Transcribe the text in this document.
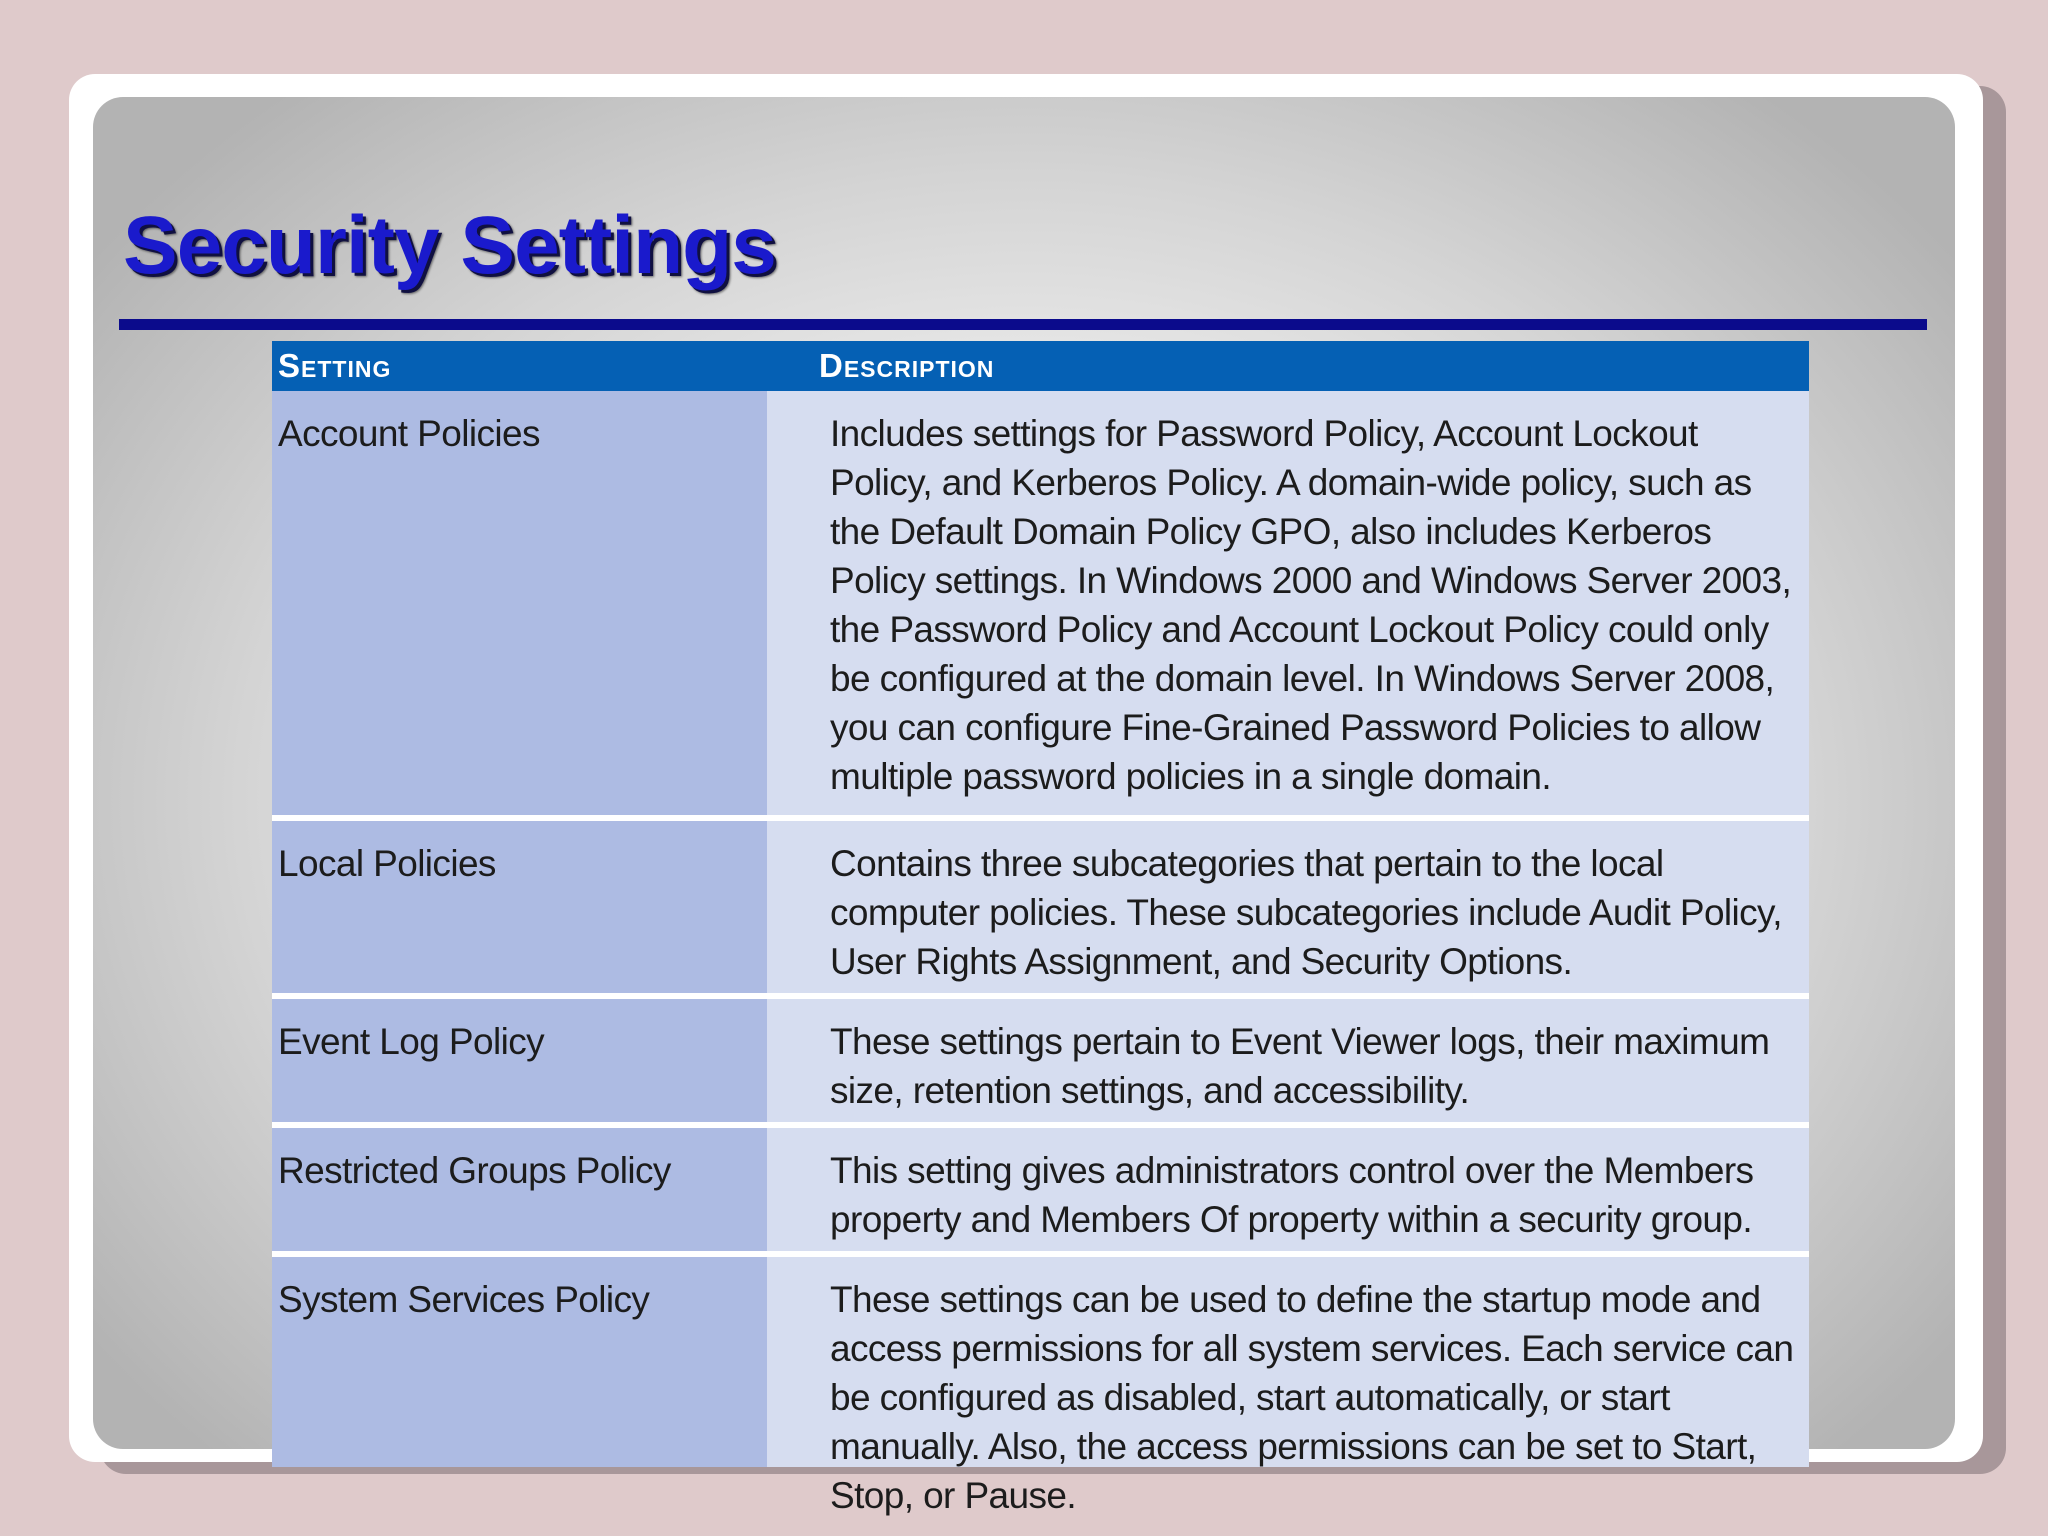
Security Settings
Setting	Description
Account Policies	Includes settings for Password Policy, Account Lockout Policy, and Kerberos Policy. A domain-wide policy, such as the Default Domain Policy GPO, also includes Kerberos Policy settings. In Windows 2000 and Windows Server 2003, the Password Policy and Account Lockout Policy could only be configured at the domain level. In Windows Server 2008, you can configure Fine-Grained Password Policies to allow multiple password policies in a single domain.
Local Policies	Contains three subcategories that pertain to the local computer policies. These subcategories include Audit Policy, User Rights Assignment, and Security Options.
Event Log Policy	These settings pertain to Event Viewer logs, their maximum size, retention settings, and accessibility.
Restricted Groups Policy	This setting gives administrators control over the Members property and Members Of property within a security group.
System Services Policy	These settings can be used to define the startup mode and access permissions for all system services. Each service can be configured as disabled, start automatically, or start manually. Also, the access permissions can be set to Start, Stop, or Pause.
